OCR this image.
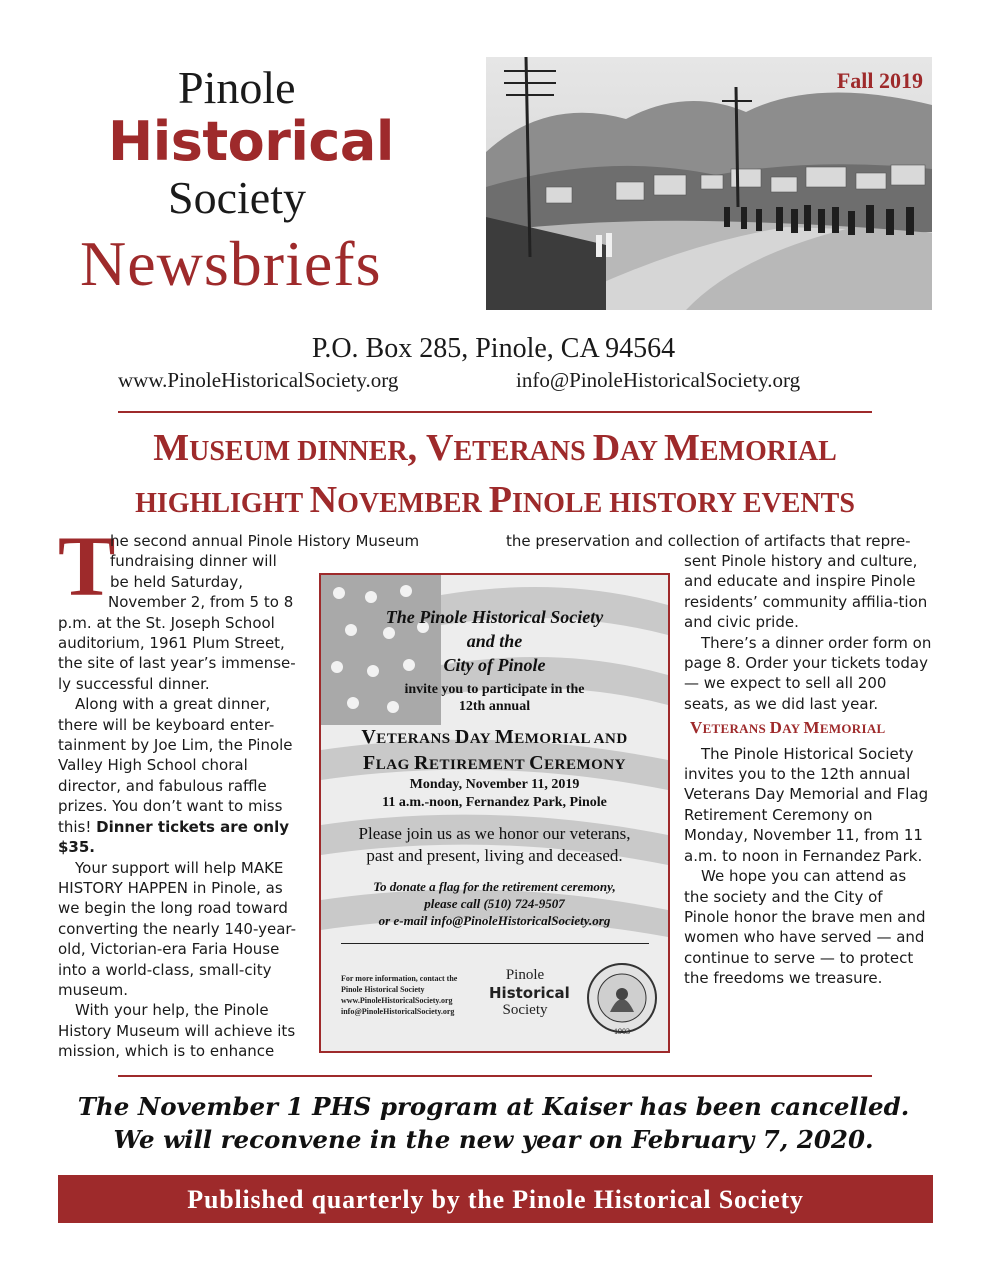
Pinole
Historical
Society
Newsbriefs
Fall 2019
P.O. Box 285, Pinole, CA 94564
www.PinoleHistoricalSociety.org	info@PinoleHistoricalSociety.org
MUSEUM DINNER, VETERANS DAY MEMORIAL
HIGHLIGHT NOVEMBER PINOLE HISTORY EVENTS
T
he second annual Pinole History Museum
fundraising dinner will
be held Saturday,
November 2, from 5 to 8

p.m. at the St. Joseph School auditorium, 1961 Plum Street, the site of last year’s immense-ly successful dinner.

Along with a great dinner, there will be keyboard enter-tainment by Joe Lim, the Pinole Valley High School choral director, and fabulous raffle prizes. You don’t want to miss this! Dinner tickets are only $35.

Your support will help MAKE HISTORY HAPPEN in Pinole, as we begin the long road toward converting the nearly 140-year-old, Victorian-era Faria House into a world-class, small-city museum.

With your help, the Pinole History Museum will achieve its mission, which is to enhance

the preservation and collection of artifacts that repre-

sent Pinole history and culture, and educate and inspire Pinole residents’ community affilia-tion and civic pride.

There’s a dinner order form on page 8. Order your tickets today — we expect to sell all 200 seats, as we did last year.

VETERANS DAY MEMORIAL

The Pinole Historical Society invites you to the 12th annual Veterans Day Memorial and Flag Retirement Ceremony on Monday, November 11, from 11 a.m. to noon in Fernandez Park.

We hope you can attend as the society and the City of Pinole honor the brave men and women who have served — and continue to serve — to protect the freedoms we treasure.

The Pinole Historical Society
and the
City of Pinole
invite you to participate in the
12th annual
VETERANS DAY MEMORIAL AND
FLAG RETIREMENT CEREMONY
Monday, November 11, 2019
11 a.m.-noon, Fernandez Park, Pinole
Please join us as we honor our veterans,
past and present, living and deceased.
To donate a flag for the retirement ceremony,
please call (510) 724-9507
or e-mail info@PinoleHistoricalSociety.org
For more information, contact the
Pinole Historical Society
www.PinoleHistoricalSociety.org
info@PinoleHistoricalSociety.org
Pinole
Historical
Society
1903
The November 1 PHS program at Kaiser has been cancelled.
We will reconvene in the new year on February 7, 2020.
Published quarterly by the Pinole Historical Society
